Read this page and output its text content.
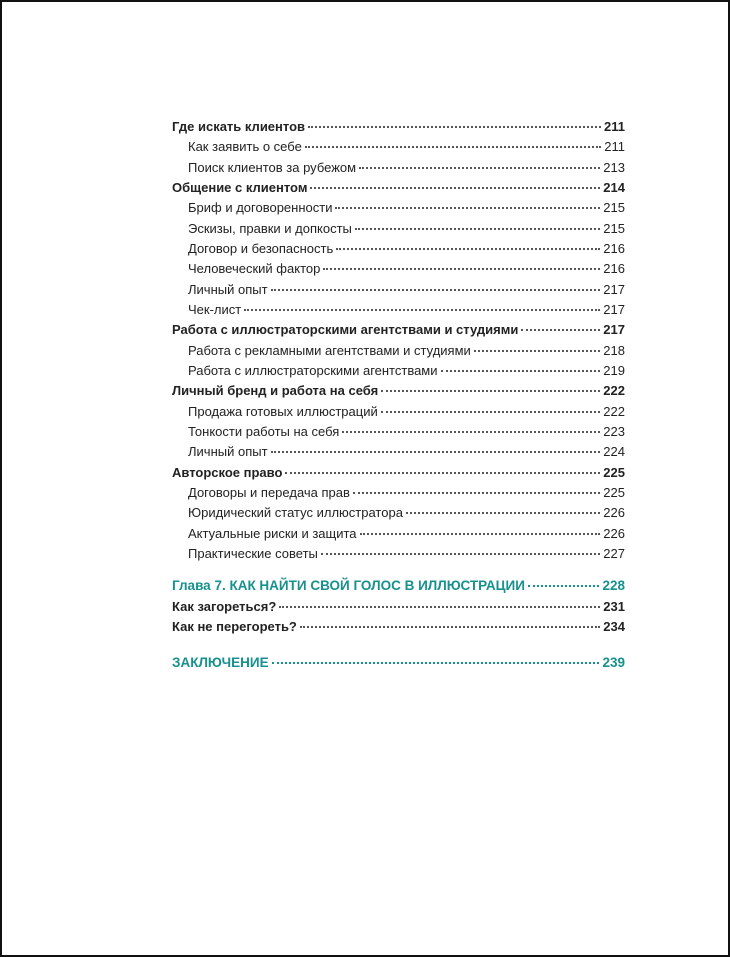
Где искать клиентов	211
Как заявить о себе	211
Поиск клиентов за рубежом	213
Общение с клиентом	214
Бриф и договоренности	215
Эскизы, правки и допкосты	215
Договор и безопасность	216
Человеческий фактор	216
Личный опыт	217
Чек-лист	217
Работа с иллюстраторскими агентствами и студиями	217
Работа с рекламными агентствами и студиями	218
Работа с иллюстраторскими агентствами	219
Личный бренд и работа на себя	222
Продажа готовых иллюстраций	222
Тонкости работы на себя	223
Личный опыт	224
Авторское право	225
Договоры и передача прав	225
Юридический статус иллюстратора	226
Актуальные риски и защита	226
Практические советы	227
Глава 7. КАК НАЙТИ СВОЙ ГОЛОС В ИЛЛЮСТРАЦИИ	228
Как загореться?	231
Как не перегореть?	234
ЗАКЛЮЧЕНИЕ	239
